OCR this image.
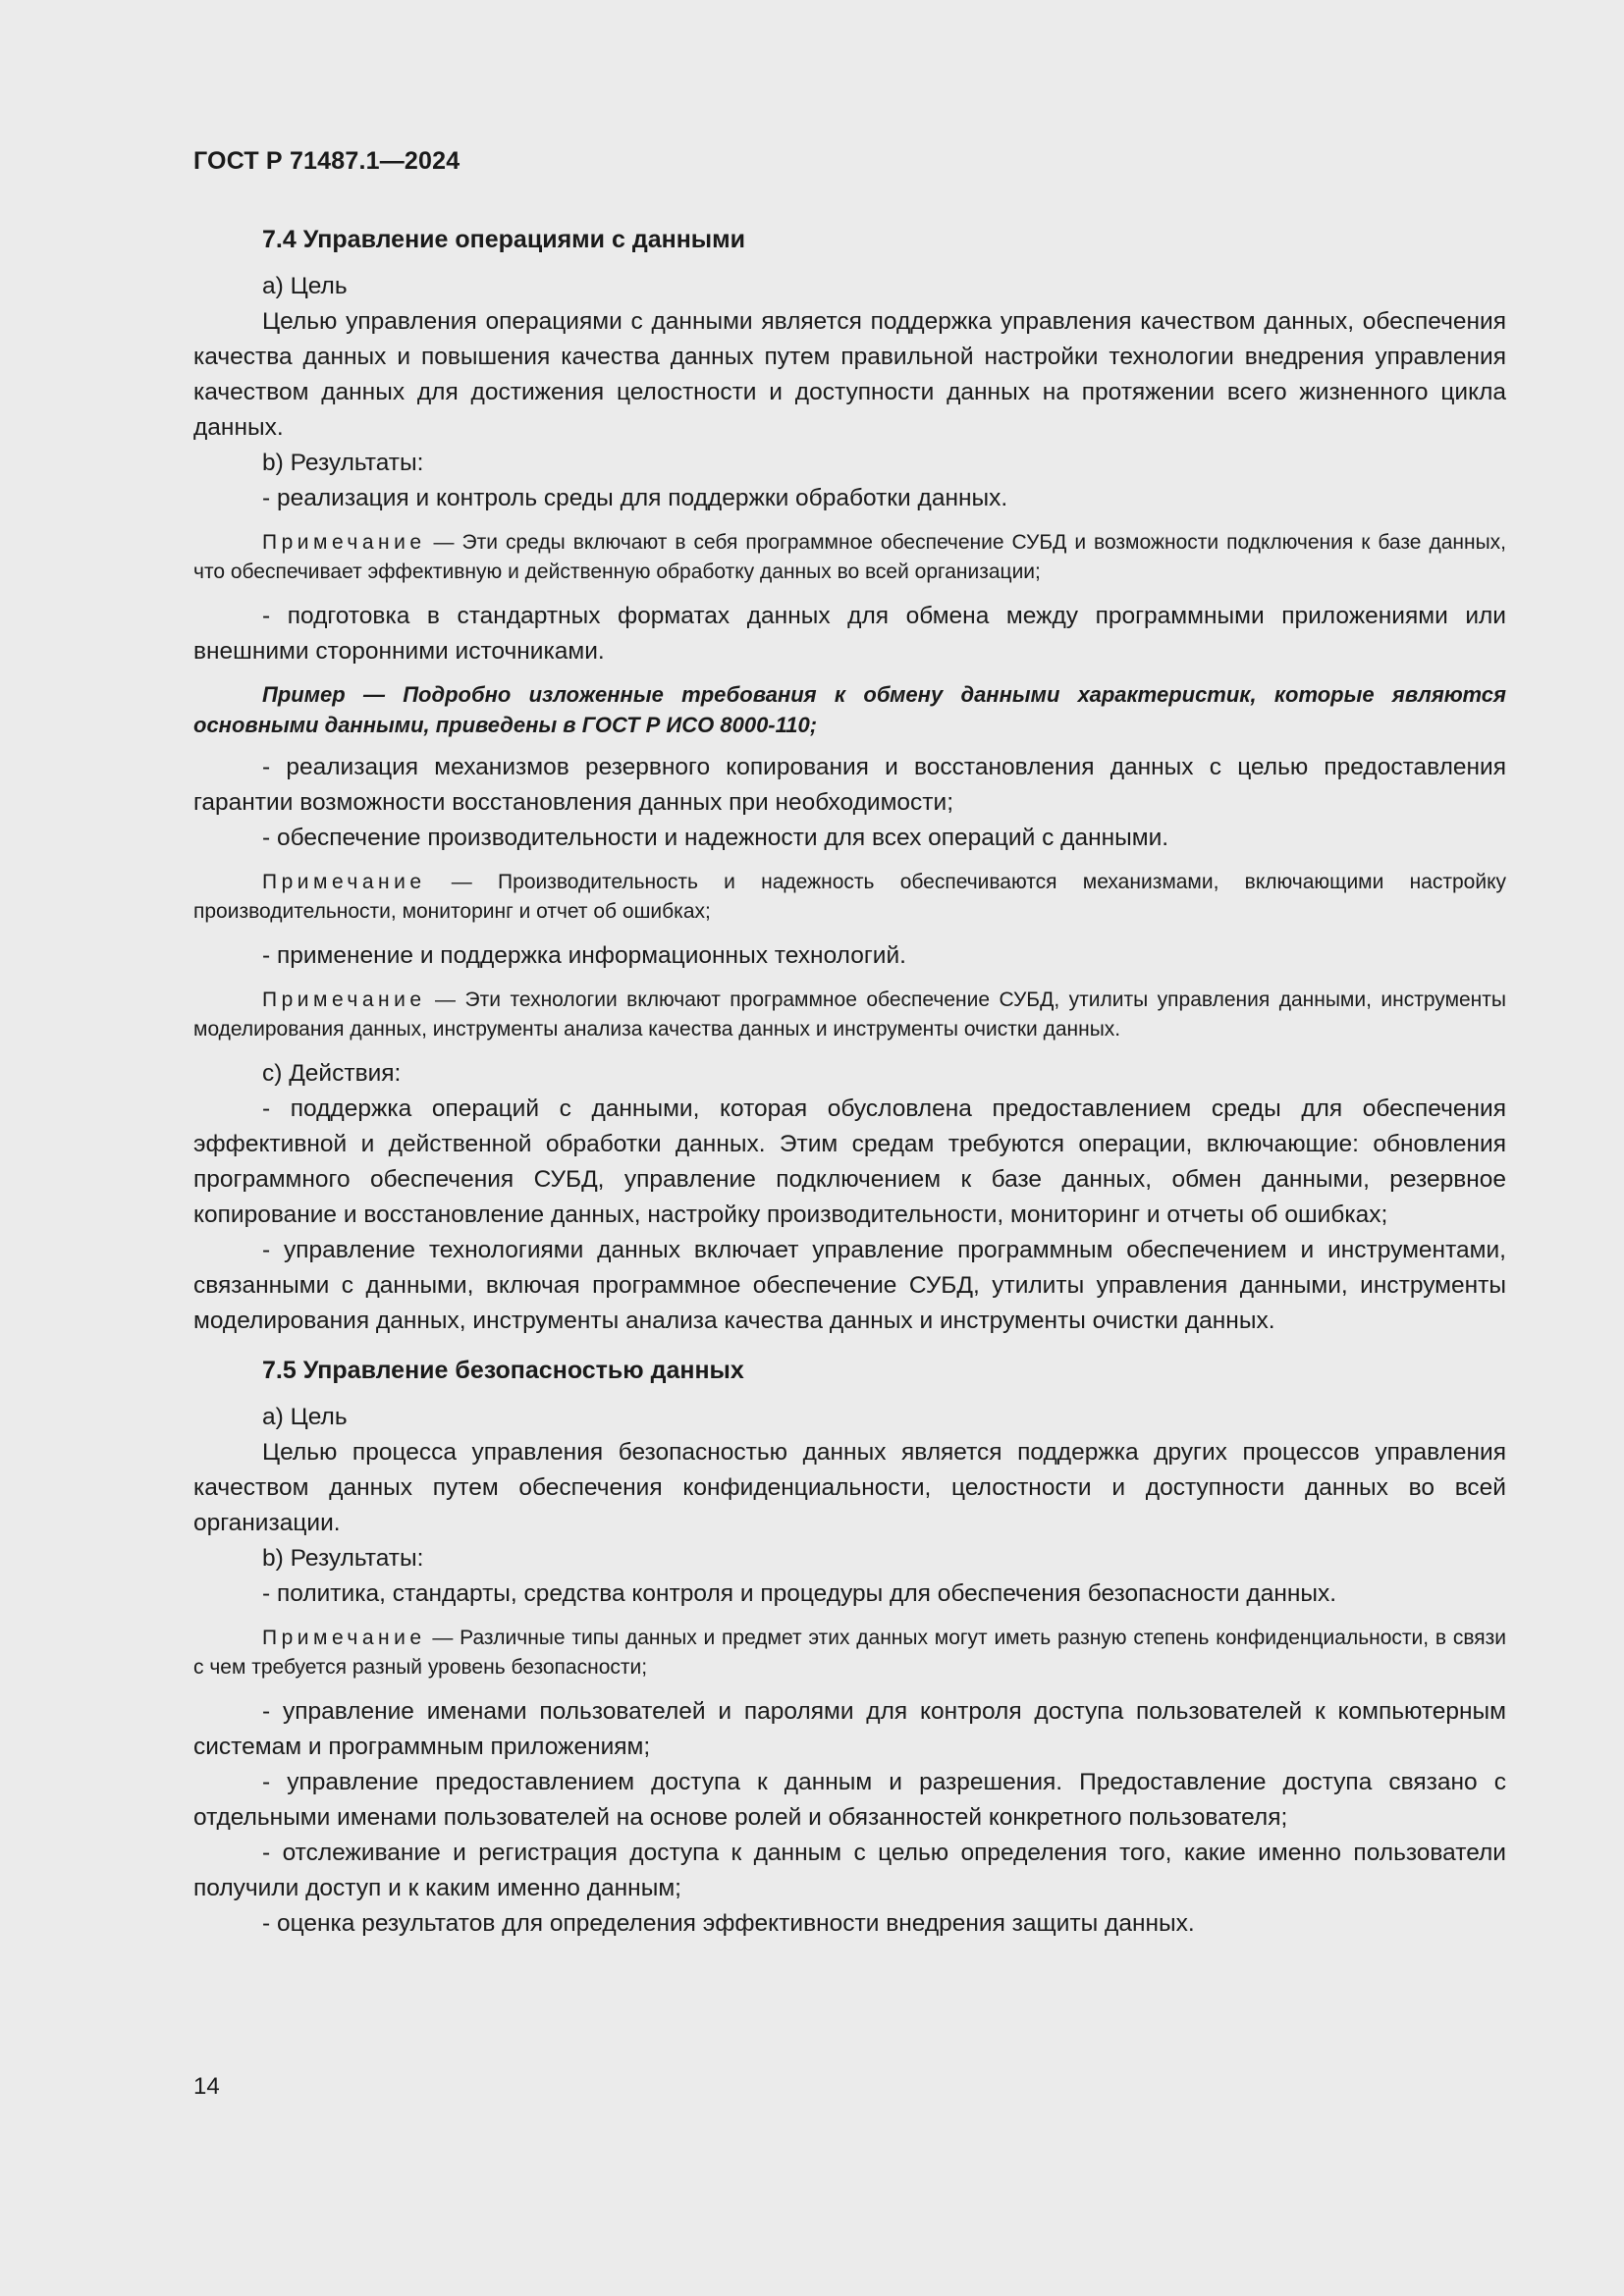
ГОСТ Р 71487.1—2024
7.4 Управление операциями с данными

а) Цель

Целью управления операциями с данными является поддержка управления качеством данных, обеспечения качества данных и повышения качества данных путем правильной настройки технологии внедрения управления качеством данных для достижения целостности и доступности данных на протяжении всего жизненного цикла данных.

b) Результаты:

- реализация и контроль среды для поддержки обработки данных.

Примечание — Эти среды включают в себя программное обеспечение СУБД и возможности подключения к базе данных, что обеспечивает эффективную и действенную обработку данных во всей организации;

- подготовка в стандартных форматах данных для обмена между программными приложениями или внешними сторонними источниками.

Пример — Подробно изложенные требования к обмену данными характеристик, которые являются основными данными, приведены в ГОСТ Р ИСО 8000-110;

- реализация механизмов резервного копирования и восстановления данных с целью предоставления гарантии возможности восстановления данных при необходимости;

- обеспечение производительности и надежности для всех операций с данными.

Примечание — Производительность и надежность обеспечиваются механизмами, включающими настройку производительности, мониторинг и отчет об ошибках;

- применение и поддержка информационных технологий.

Примечание — Эти технологии включают программное обеспечение СУБД, утилиты управления данными, инструменты моделирования данных, инструменты анализа качества данных и инструменты очистки данных.

с) Действия:

- поддержка операций с данными, которая обусловлена предоставлением среды для обеспечения эффективной и действенной обработки данных. Этим средам требуются операции, включающие: обновления программного обеспечения СУБД, управление подключением к базе данных, обмен данными, резервное копирование и восстановление данных, настройку производительности, мониторинг и отчеты об ошибках;

- управление технологиями данных включает управление программным обеспечением и инструментами, связанными с данными, включая программное обеспечение СУБД, утилиты управления данными, инструменты моделирования данных, инструменты анализа качества данных и инструменты очистки данных.

7.5 Управление безопасностью данных

а) Цель

Целью процесса управления безопасностью данных является поддержка других процессов управления качеством данных путем обеспечения конфиденциальности, целостности и доступности данных во всей организации.

b) Результаты:

- политика, стандарты, средства контроля и процедуры для обеспечения безопасности данных.

Примечание — Различные типы данных и предмет этих данных могут иметь разную степень конфиденциальности, в связи с чем требуется разный уровень безопасности;

- управление именами пользователей и паролями для контроля доступа пользователей к компьютерным системам и программным приложениям;

- управление предоставлением доступа к данным и разрешения. Предоставление доступа связано с отдельными именами пользователей на основе ролей и обязанностей конкретного пользователя;

- отслеживание и регистрация доступа к данным с целью определения того, какие именно пользователи получили доступ и к каким именно данным;

- оценка результатов для определения эффективности внедрения защиты данных.

14
